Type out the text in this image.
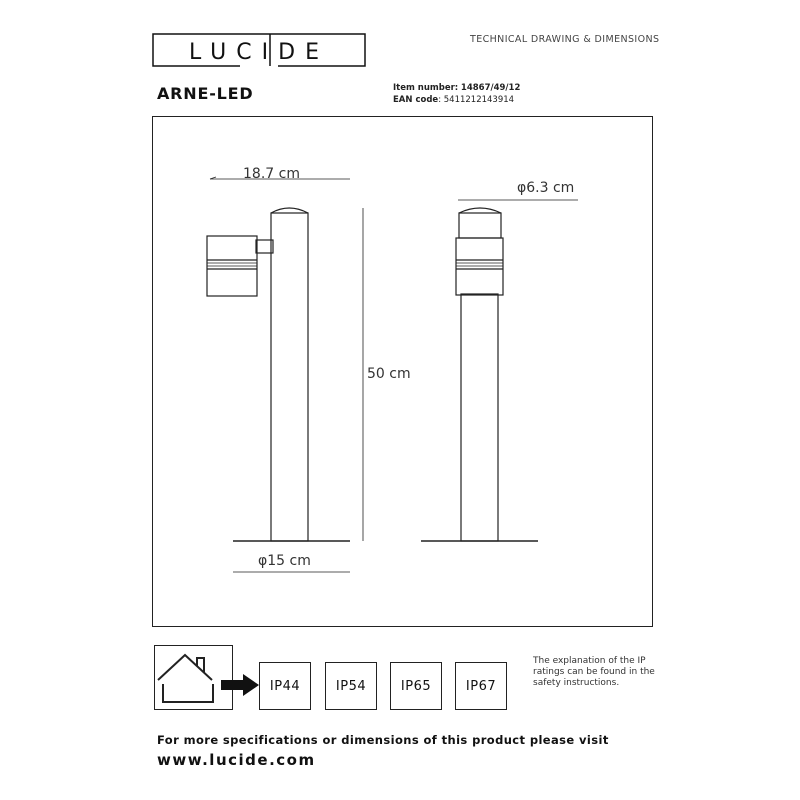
LUCIDE
TECHNICAL DRAWING & DIMENSIONS
ARNE-LED	Item number: 14867/49/12
EAN code: 5411212143914
18.7 cm
50 cm
φ15 cm
φ6.3 cm
IP44	IP54	IP65	IP67
The explanation of the IP ratings can be found in the safety instructions.
For more specifications or dimensions of this product please visit
www.lucide.com
